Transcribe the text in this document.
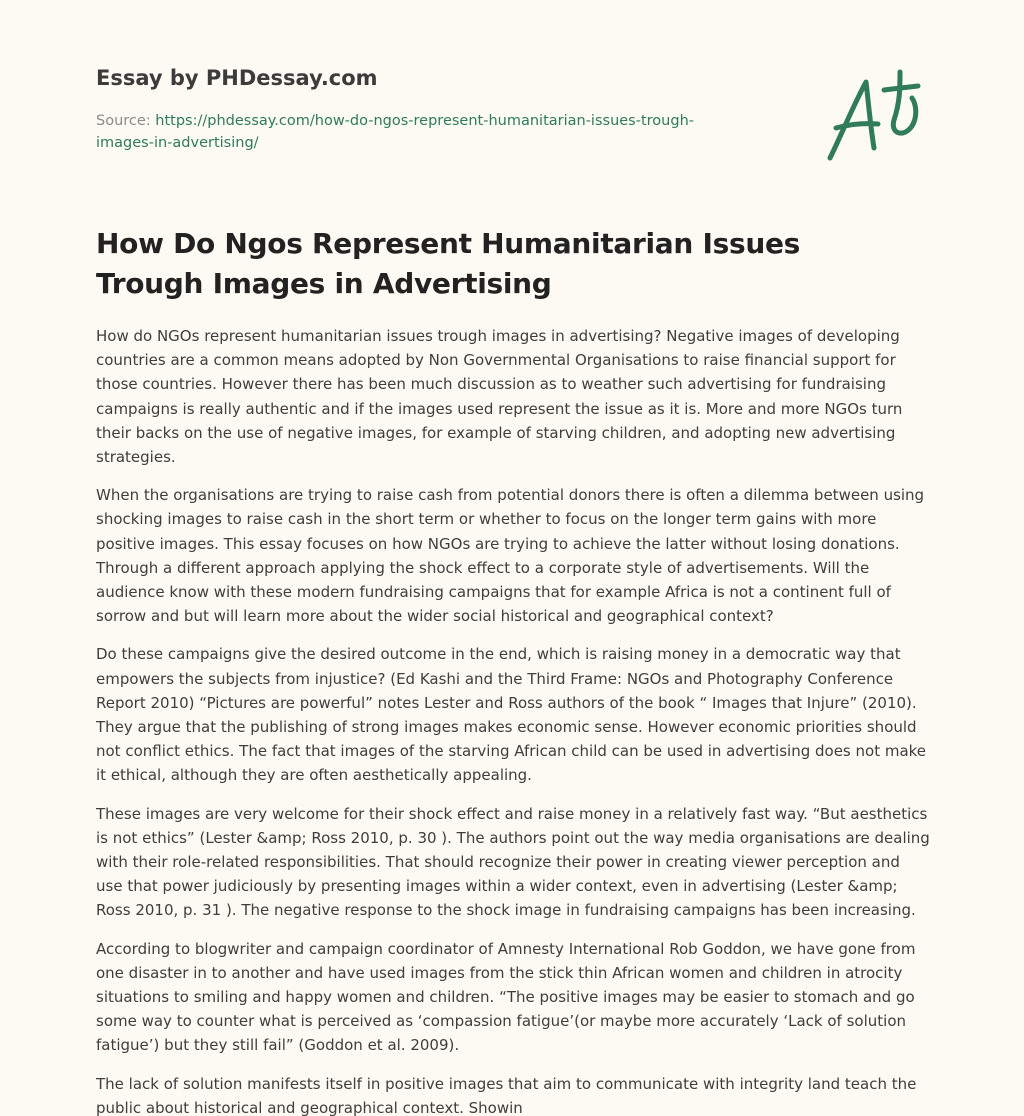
Essay by PHDessay.com
Source: https://phdessay.com/how-do-ngos-represent-humanitarian-issues-trough-
images-in-advertising/
How Do Ngos Represent Humanitarian Issues Trough Images in Advertising

How do NGOs represent humanitarian issues trough images in advertising? Negative images of developing countries are a common means adopted by Non Governmental Organisations to raise financial support for those countries. However there has been much discussion as to weather such advertising for fundraising campaigns is really authentic and if the images used represent the issue as it is. More and more NGOs turn their backs on the use of negative images, for example of starving children, and adopting new advertising strategies.

When the organisations are trying to raise cash from potential donors there is often a dilemma between using shocking images to raise cash in the short term or whether to focus on the longer term gains with more positive images. This essay focuses on how NGOs are trying to achieve the latter without losing donations. Through a different approach applying the shock effect to a corporate style of advertisements. Will the audience know with these modern fundraising campaigns that for example Africa is not a continent full of sorrow and but will learn more about the wider social historical and geographical context?

Do these campaigns give the desired outcome in the end, which is raising money in a democratic way that empowers the subjects from injustice? (Ed Kashi and the Third Frame: NGOs and Photography Conference Report 2010) “Pictures are powerful” notes Lester and Ross authors of the book “ Images that Injure” (2010). They argue that the publishing of strong images makes economic sense. However economic priorities should not conflict ethics. The fact that images of the starving African child can be used in advertising does not make it ethical, although they are often aesthetically appealing.

These images are very welcome for their shock effect and raise money in a relatively fast way. “But aesthetics is not ethics” (Lester &amp; Ross 2010, p. 30 ). The authors point out the way media organisations are dealing with their role-related responsibilities. That should recognize their power in creating viewer perception and use that power judiciously by presenting images within a wider context, even in advertising (Lester &amp; Ross 2010, p. 31 ). The negative response to the shock image in fundraising campaigns has been increasing.

According to blogwriter and campaign coordinator of Amnesty International Rob Goddon, we have gone from one disaster in to another and have used images from the stick thin African women and children in atrocity situations to smiling and happy women and children. “The positive images may be easier to stomach and go some way to counter what is perceived as ‘compassion fatigue’(or maybe more accurately ‘Lack of solution fatigue’) but they still fail” (Goddon et al. 2009).

The lack of solution manifests itself in positive images that aim to communicate with integrity land teach the public about historical and geographical context. Showin
